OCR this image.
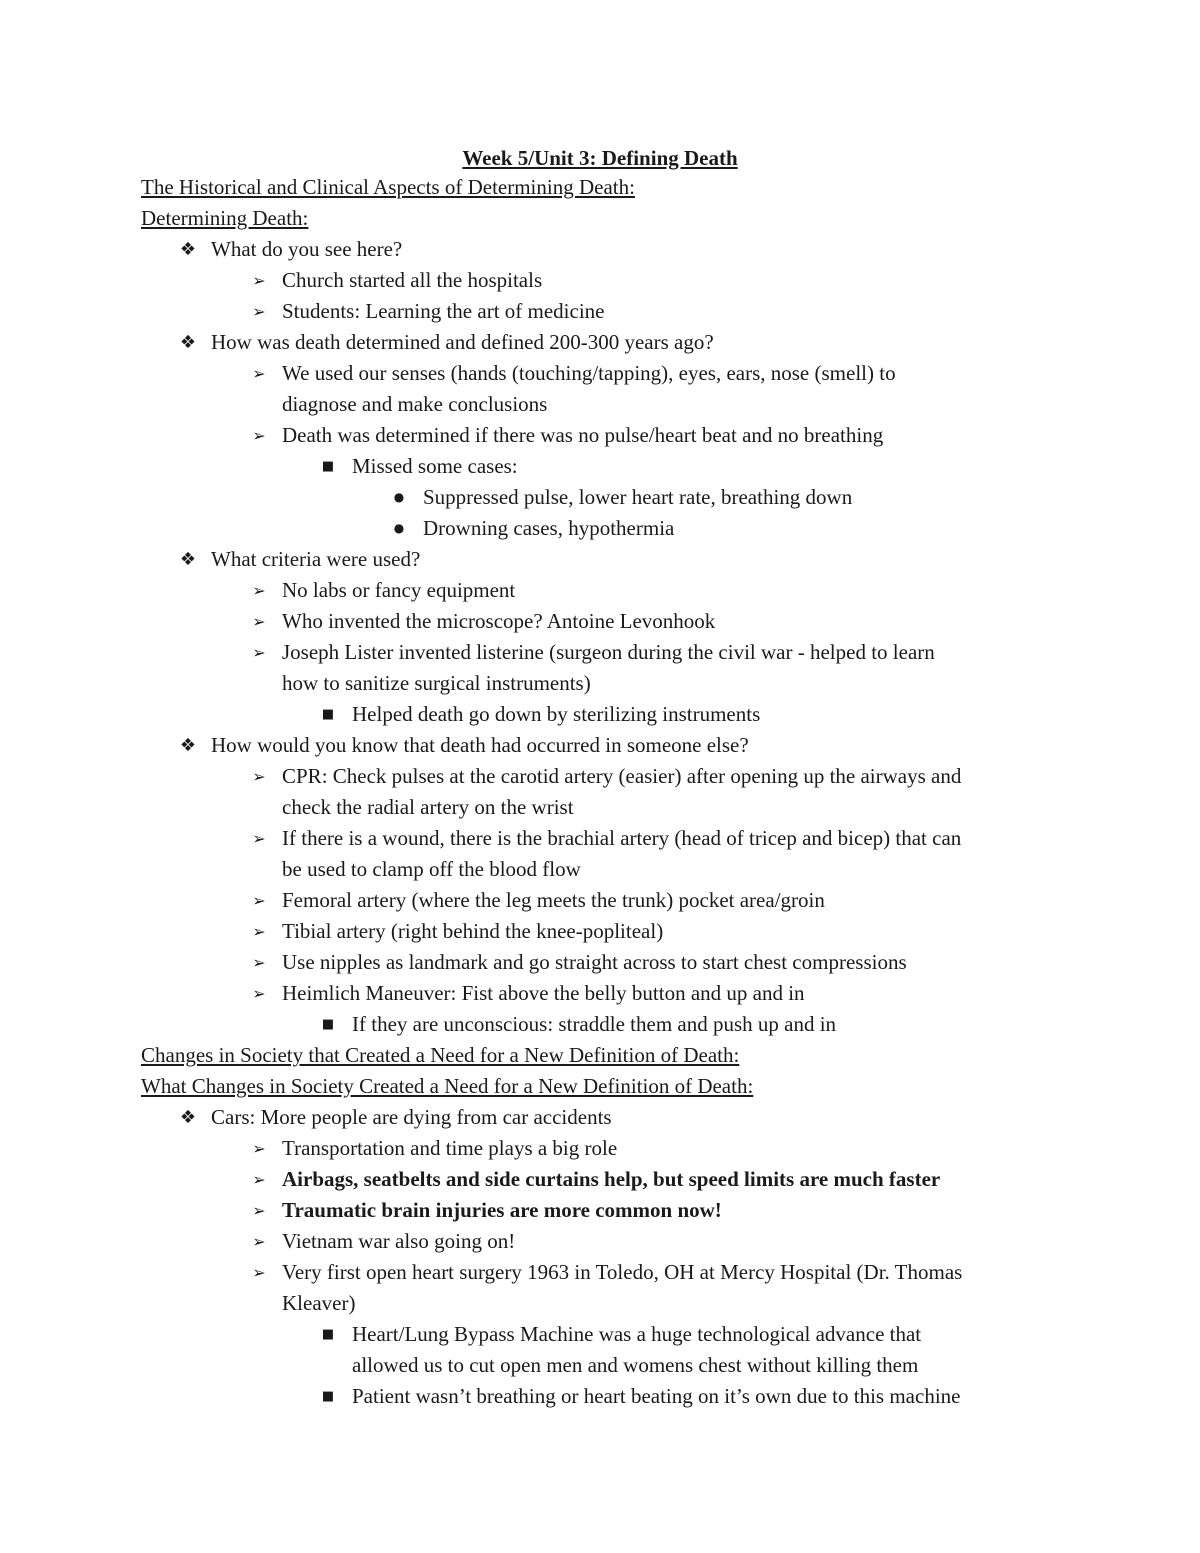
Week 5/Unit 3: Defining Death
The Historical and Clinical Aspects of Determining Death:
Determining Death:
❖ What do you see here?
➢ Church started all the hospitals
➢ Students: Learning the art of medicine
❖ How was death determined and defined 200-300 years ago?
➢ We used our senses (hands (touching/tapping), eyes, ears, nose (smell) to
diagnose and make conclusions
➢ Death was determined if there was no pulse/heart beat and no breathing
■ Missed some cases:
● Suppressed pulse, lower heart rate, breathing down
● Drowning cases, hypothermia
❖ What criteria were used?
➢ No labs or fancy equipment
➢ Who invented the microscope? Antoine Levonhook
➢ Joseph Lister invented listerine (surgeon during the civil war - helped to learn
how to sanitize surgical instruments)
■ Helped death go down by sterilizing instruments
❖ How would you know that death had occurred in someone else?
➢ CPR: Check pulses at the carotid artery (easier) after opening up the airways and
check the radial artery on the wrist
➢ If there is a wound, there is the brachial artery (head of tricep and bicep) that can
be used to clamp off the blood flow
➢ Femoral artery (where the leg meets the trunk) pocket area/groin
➢ Tibial artery (right behind the knee-popliteal)
➢ Use nipples as landmark and go straight across to start chest compressions
➢ Heimlich Maneuver: Fist above the belly button and up and in
■ If they are unconscious: straddle them and push up and in
Changes in Society that Created a Need for a New Definition of Death:
What Changes in Society Created a Need for a New Definition of Death:
❖ Cars: More people are dying from car accidents
➢ Transportation and time plays a big role
➢ Airbags, seatbelts and side curtains help, but speed limits are much faster
➢ Traumatic brain injuries are more common now!
➢ Vietnam war also going on!
➢ Very first open heart surgery 1963 in Toledo, OH at Mercy Hospital (Dr. Thomas
Kleaver)
■ Heart/Lung Bypass Machine was a huge technological advance that
allowed us to cut open men and womens chest without killing them
■ Patient wasn’t breathing or heart beating on it’s own due to this machine
